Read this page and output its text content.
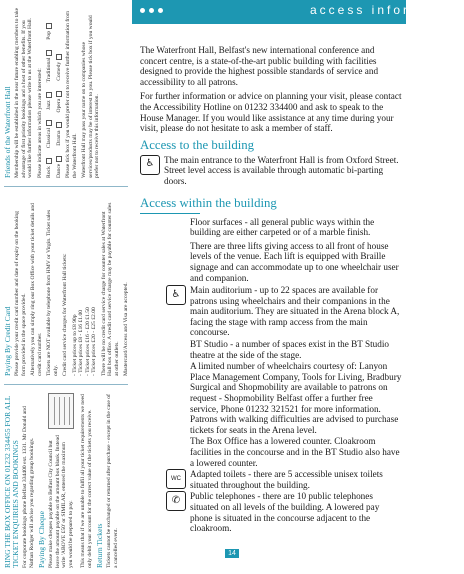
RING THE BOX OFFICE ON 01232 334455 FOR ALL TICKET ENQUIRIES AND BOOKINGS For corporate bookings phone Belfast 334400 ext. 1331. Mr Donald and Nathan Rodger will advise you regarding group bookings. Paying By Cheque Please make cheques payable to Belfast City Council but leave the amount payable on the amount box blank. Instead write 'ABOVE £50' or SIMILAR, entered the maximum you would be prepared to pay. This means that if we are unable to fulfil all your ticket requirements we need only debit your account for the correct value of the tickets you receive. Return Tickets Tickets cannot be exchanged or returned after purchase - except in the case of a cancelled event.

Paying By Credit Card Please provide your credit card number and date of expiry on the booking form provided in the space provided. Alternatively you can simply ring our Box Office with your ticket details and credit card number. Tickets are NOT available by telephone from HMV or Virgin. Ticket sales only. Credit card service charges for Waterfront Hall tickets: - Ticket prices up to £8 90p - Ticket prices £8 - £16 £1.00 - Ticket prices £16 - £20 £1.50 - Ticket prices £20 - £25 £2.00 There will be no credit card service charge for counter sales at Waterfront Hall box office. A credit card service charge may be payable for counter sales at other outlets. Mastercard/Access and Visa are accepted.

Friends of the Waterfront Hall Membership will be established in the near future enabling members to take advantage of first priority bookings and a host of other benefits. If you would like further information please write to us at the Waterfront Hall. Please indicate areas in which you are interested: Rock
Classical
Jazz
Traditional
Pop
Dance
Drama
Opera
Comedy Please tick box if you would prefer not to receive further information from the Waterfront Hall. Waterfront Hall may pass your name on to companies whose services/products may be of interest to you. Please tick box if you would prefer not to receive this information.

access information

The Waterfront Hall, Belfast's new international conference and concert centre, is a state-of-the-art public building with facilities designed to provide the highest possible standards of service and accessibility to all patrons.

For further information or advice on planning your visit, please contact the Accessibility Hotline on 01232 334400 and ask to speak to the House Manager. If you would like assistance at any time during your visit, please do not hesitate to ask a member of staff.

Access to the building
♿	The main entrance to the Waterfront Hall is from Oxford Street. Street level access is available through automatic bi-parting doors.
Access within the building
Floor surfaces - all general public ways within the building are either carpeted or of a marble finish.
There are three lifts giving access to all front of house levels of the venue. Each lift is equipped with Braille signage and can accommodate up to one wheelchair user and companion.
♿	Main auditorium - up to 22 spaces are available for patrons using wheelchairs and their companions in the main auditorium. They are situated in the Arena block A, facing the stage with ramp access from the main concourse.
BT Studio - a number of spaces exist in the BT Studio theatre at the side of the stage.
A limited number of wheelchairs courtesy of: Lanyon Place Management Company, Tools for Living, Bradbury Surgical and Shopmobility are available to patrons on request - Shopmobility Belfast offer a further free service, Phone 01232 321521 for more information. Patrons with walking difficulties are advised to purchase tickets for seats in the Arena level.
The Box Office has a lowered counter. Cloakroom facilities in the concourse and in the BT Studio also have a lowered counter.
WC Adapted toilets - there are 5 accessible unisex toilets situated throughout the building.
✆	Public telephones - there are 10 public telephones situated on all levels of the building. A lowered pay phone is situated in the concourse adjacent to the cloakroom.
14
